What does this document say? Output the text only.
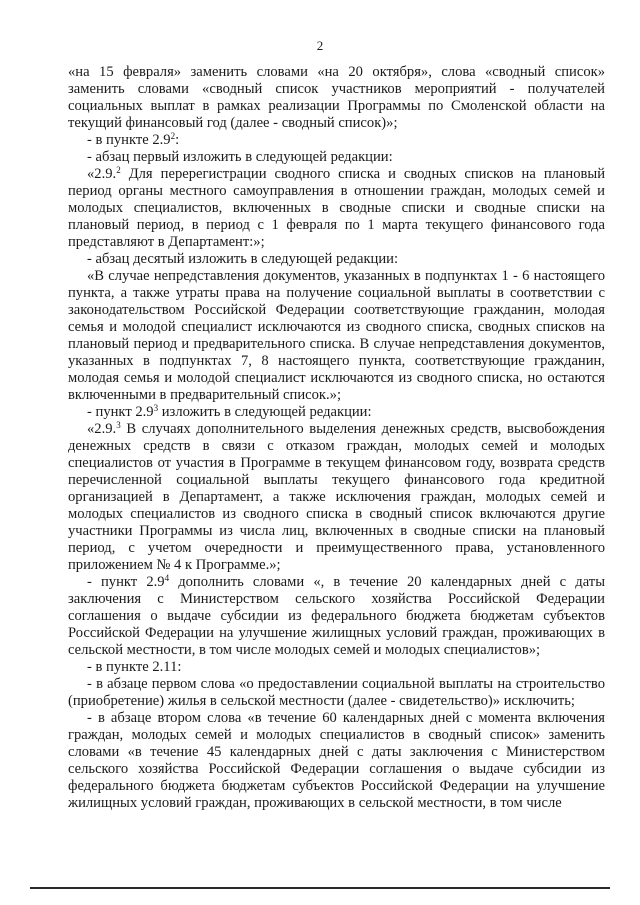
2

«на 15 февраля» заменить словами «на 20 октября», слова «сводный список» заменить словами «сводный список участников мероприятий - получателей социальных выплат в рамках реализации Программы по Смоленской области на текущий финансовый год (далее - сводный список)»;

- в пункте $2.9^2$:

- абзац первый изложить в следующей редакции:

«2.9.$^2$ Для перерегистрации сводного списка и сводных списков на плановый период органы местного самоуправления в отношении граждан, молодых семей и молодых специалистов, включенных в сводные списки и сводные списки на плановый период, в период с 1 февраля по 1 марта текущего финансового года представляют в Департамент:»;

- абзац десятый изложить в следующей редакции:

«В случае непредставления документов, указанных в подпунктах 1 - 6 настоящего пункта, а также утраты права на получение социальной выплаты в соответствии с законодательством Российской Федерации соответствующие гражданин, молодая семья и молодой специалист исключаются из сводного списка, сводных списков на плановый период и предварительного списка. В случае непредставления документов, указанных в подпунктах 7, 8 настоящего пункта, соответствующие гражданин, молодая семья и молодой специалист исключаются из сводного списка, но остаются включенными в предварительный список.»;

- пункт $2.9^3$ изложить в следующей редакции:

«2.9.$^3$ В случаях дополнительного выделения денежных средств, высвобождения денежных средств в связи с отказом граждан, молодых семей и молодых специалистов от участия в Программе в текущем финансовом году, возврата средств перечисленной социальной выплаты текущего финансового года кредитной организацией в Департамент, а также исключения граждан, молодых семей и молодых специалистов из сводного списка в сводный список включаются другие участники Программы из числа лиц, включенных в сводные списки на плановый период, с учетом очередности и преимущественного права, установленного приложением № 4 к Программе.»;

- пункт $2.9^4$ дополнить словами «, в течение 20 календарных дней с даты заключения с Министерством сельского хозяйства Российской Федерации соглашения о выдаче субсидии из федерального бюджета бюджетам субъектов Российской Федерации на улучшение жилищных условий граждан, проживающих в сельской местности, в том числе молодых семей и молодых специалистов»;

- в пункте 2.11:

- в абзаце первом слова «о предоставлении социальной выплаты на строительство (приобретение) жилья в сельской местности (далее - свидетельство)» исключить;

- в абзаце втором слова «в течение 60 календарных дней с момента включения граждан, молодых семей и молодых специалистов в сводный список» заменить словами «в течение 45 календарных дней с даты заключения с Министерством сельского хозяйства Российской Федерации соглашения о выдаче субсидии из федерального бюджета бюджетам субъектов Российской Федерации на улучшение жилищных условий граждан, проживающих в сельской местности, в том числе
